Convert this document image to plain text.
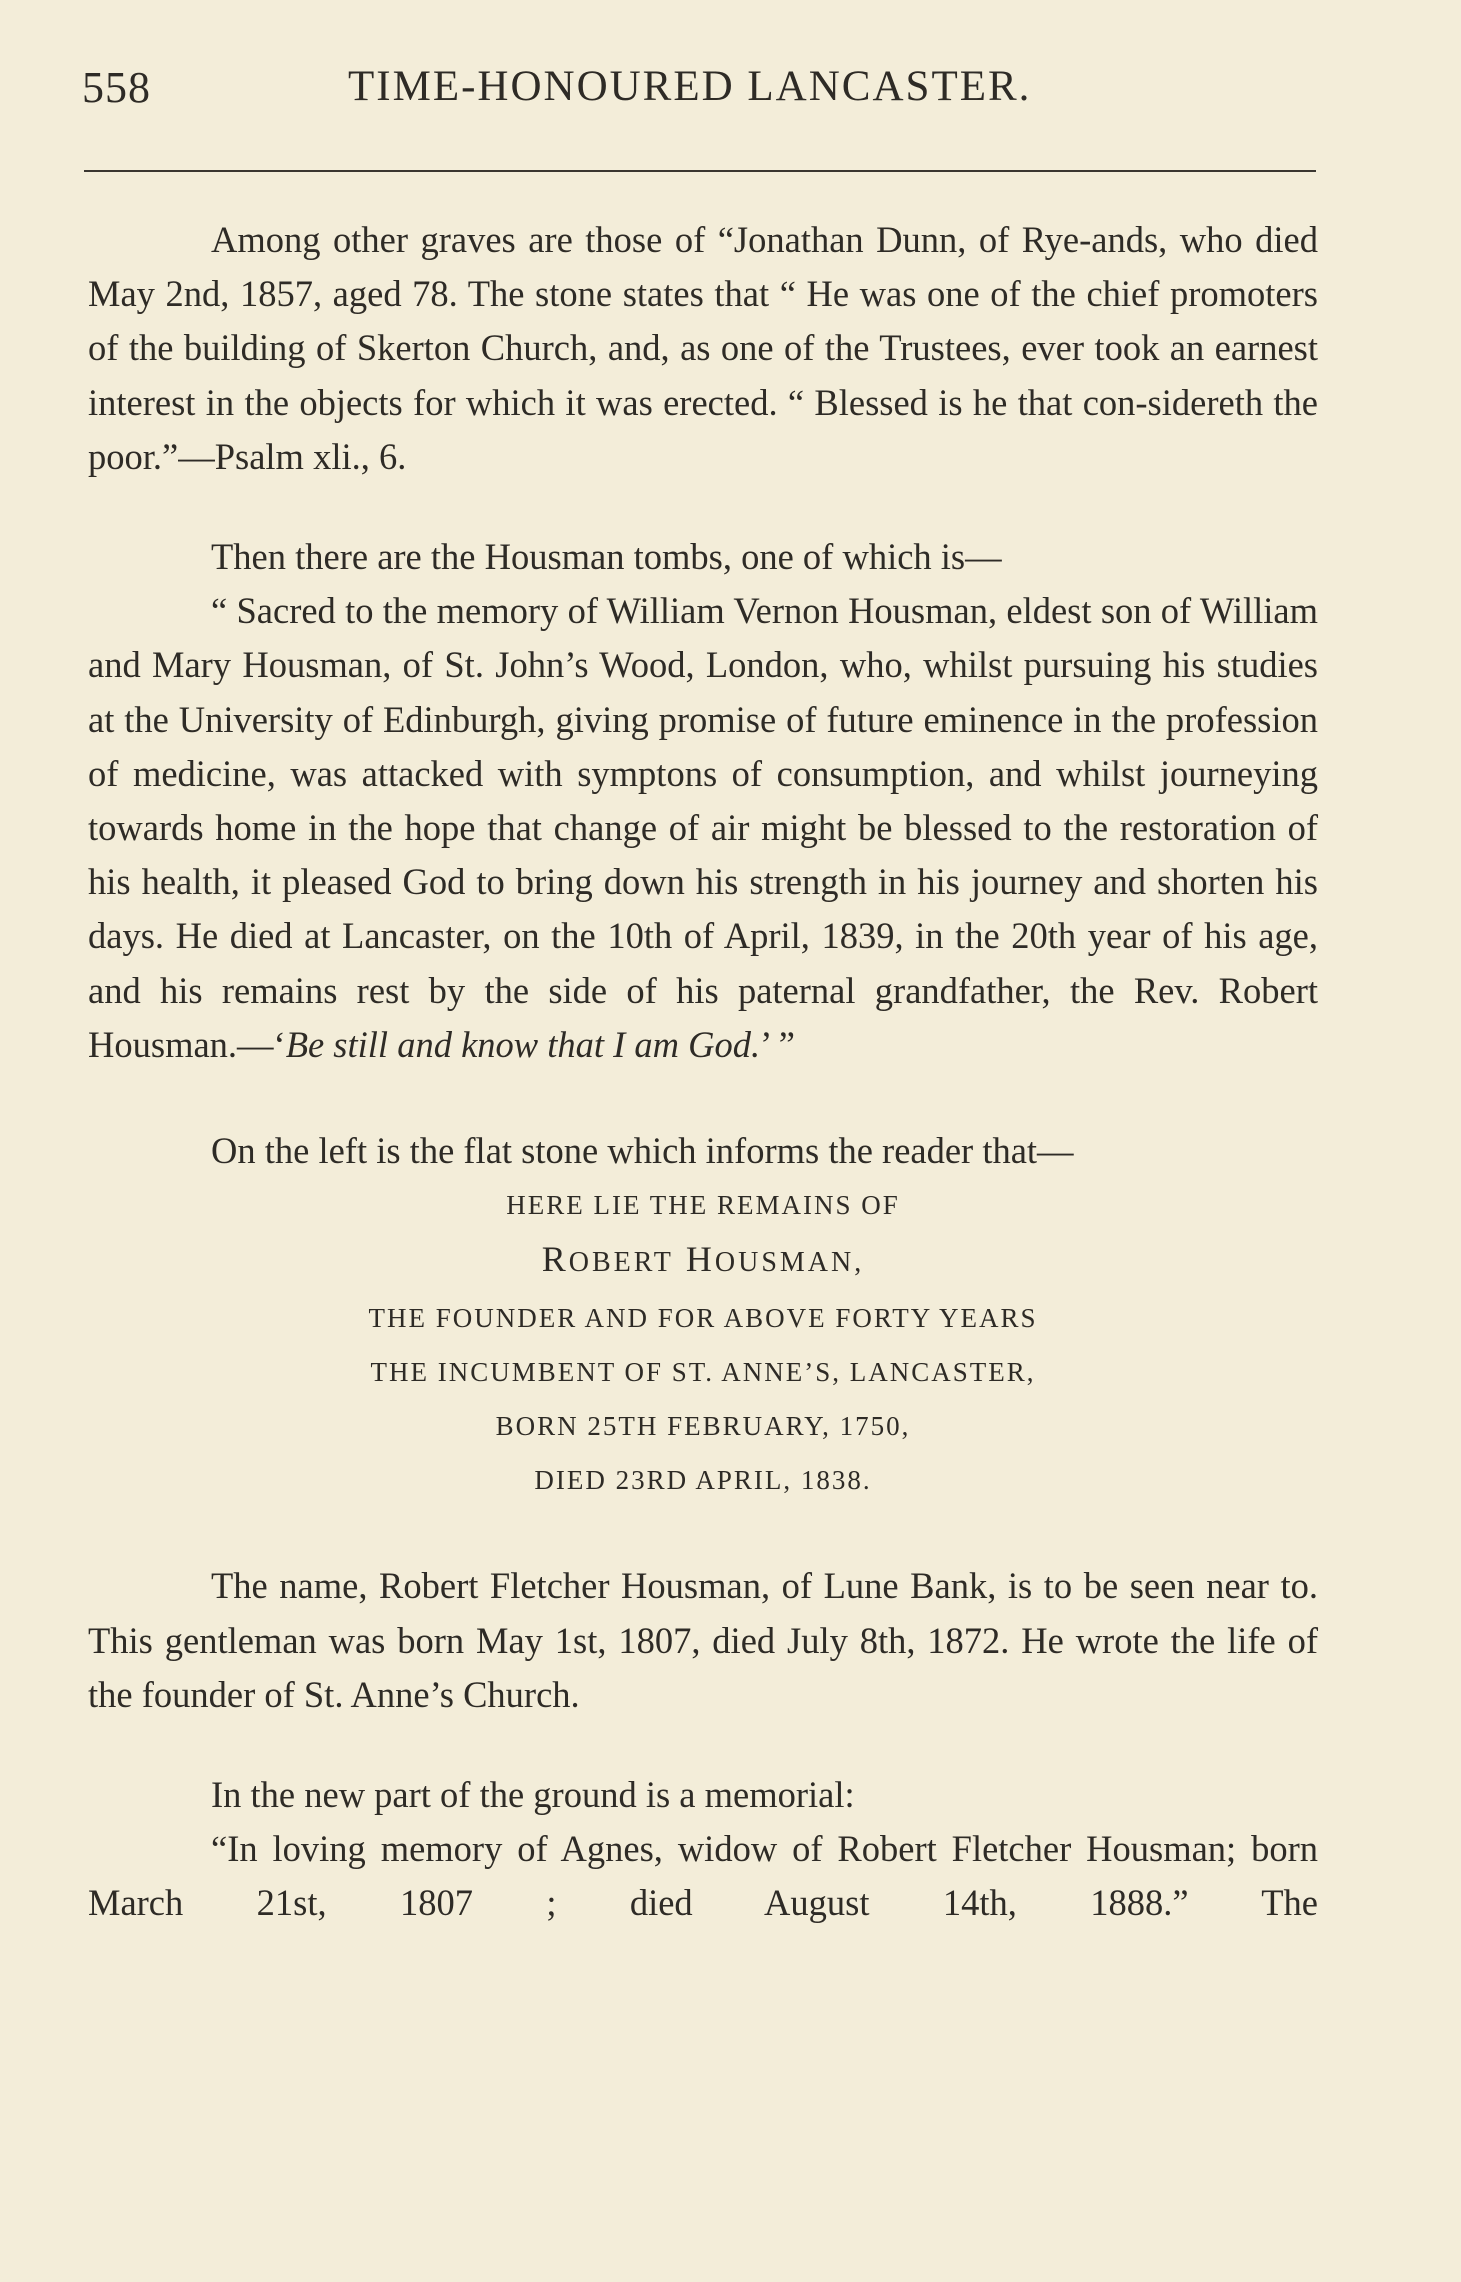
558	TIME-HONOURED LANCASTER.

Among other graves are those of “Jonathan Dunn, of Rye-ands, who died May 2nd, 1857, aged 78. The stone states that “ He was one of the chief promoters of the building of Skerton Church, and, as one of the Trustees, ever took an earnest interest in the objects for which it was erected. “ Blessed is he that con-sidereth the poor.”—Psalm xli., 6.

Then there are the Housman tombs, one of which is—

“ Sacred to the memory of William Vernon Housman, eldest son of William and Mary Housman, of St. John’s Wood, London, who, whilst pursuing his studies at the University of Edinburgh, giving promise of future eminence in the profession of medicine, was attacked with symptons of consumption, and whilst journeying towards home in the hope that change of air might be blessed to the restoration of his health, it pleased God to bring down his strength in his journey and shorten his days. He died at Lancaster, on the 10th of April, 1839, in the 20th year of his age, and his remains rest by the side of his paternal grandfather, the Rev. Robert Housman.—‘Be still and know that I am God.’ ”

On the left is the flat stone which informs the reader that—

HERE LIE THE REMAINS OF

ROBERT HOUSMAN,

THE FOUNDER AND FOR ABOVE FORTY YEARS

THE INCUMBENT OF ST. ANNE’S, LANCASTER,

BORN 25TH FEBRUARY, 1750,

DIED 23RD APRIL, 1838.

The name, Robert Fletcher Housman, of Lune Bank, is to be seen near to. This gentleman was born May 1st, 1807, died July 8th, 1872. He wrote the life of the founder of St. Anne’s Church.

In the new part of the ground is a memorial:

“In loving memory of Agnes, widow of Robert Fletcher Housman; born March 21st, 1807 ; died August 14th, 1888.” The
